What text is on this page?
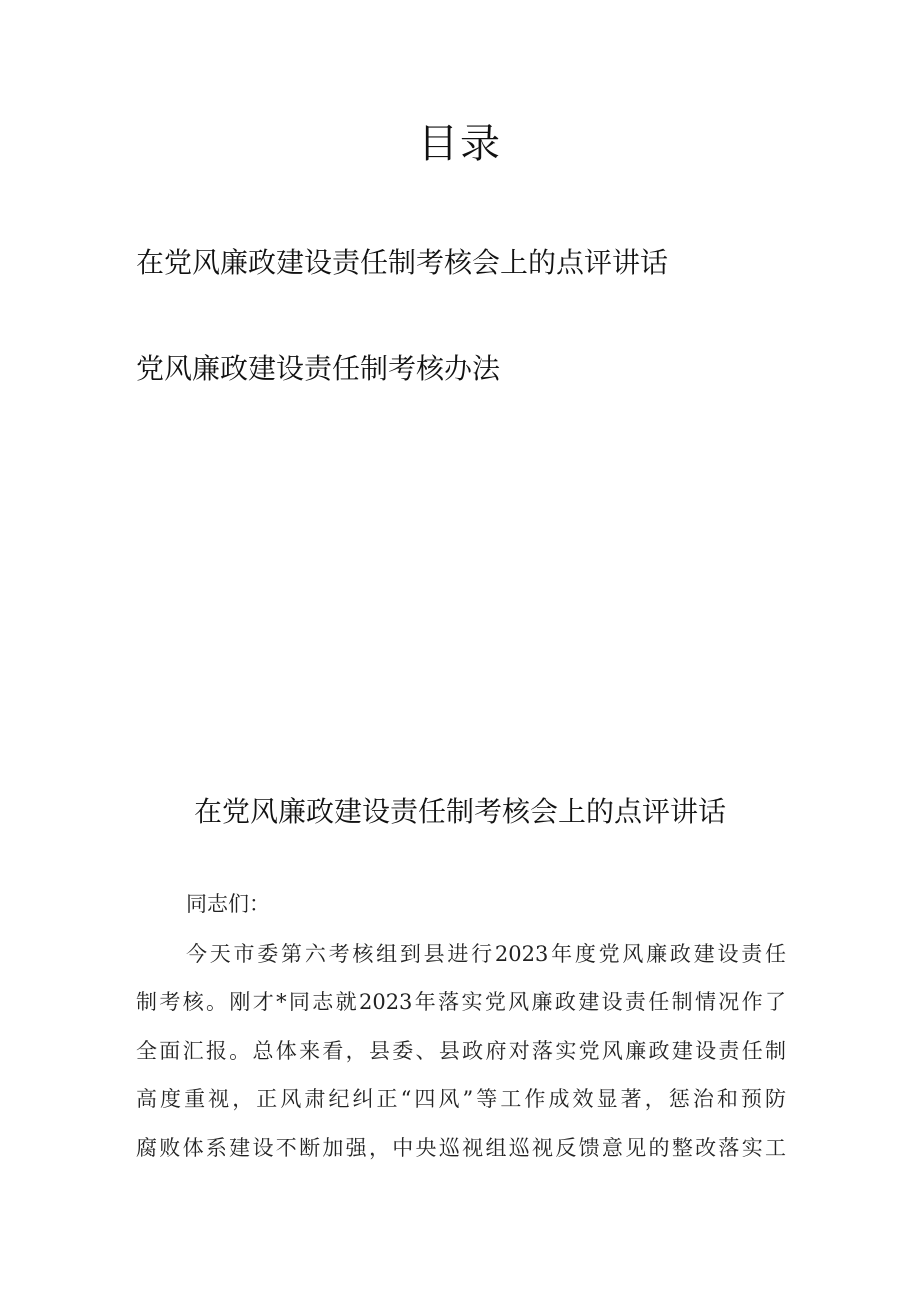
目录
在党风廉政建设责任制考核会上的点评讲话
党风廉政建设责任制考核办法
在党风廉政建设责任制考核会上的点评讲话
同志们：
今天市委第六考核组到县进行2023年度党风廉政建设责任
制考核。刚才*同志就2023年落实党风廉政建设责任制情况作了
全面汇报。总体来看，县委、县政府对落实党风廉政建设责任制
高度重视，正风肃纪纠正“四风”等工作成效显著，惩治和预防
腐败体系建设不断加强，中央巡视组巡视反馈意见的整改落实工
